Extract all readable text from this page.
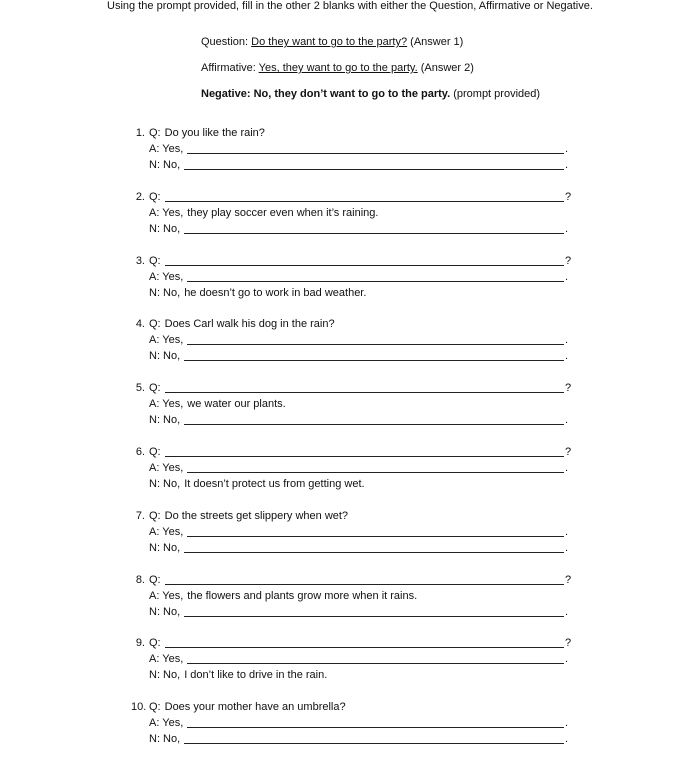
Using the prompt provided, fill in the other 2 blanks with either the Question, Affirmative or Negative.
Question: Do they want to go to the party? (Answer 1)
Affirmative: Yes, they want to go to the party. (Answer 2)
Negative: No, they don’t want to go to the party. (prompt provided)
1. Q: Do you like the rain?
A: Yes,	.
N: No,	.
2. Q:	?
A: Yes, they play soccer even when it’s raining.
N: No,	.
3. Q:	?
A: Yes,	.
N: No, he doesn’t go to work in bad weather.
4. Q: Does Carl walk his dog in the rain?
A: Yes,	.
N: No,	.
5. Q:	?
A: Yes, we water our plants.
N: No,	.
6. Q:	?
A: Yes,	.
N: No, It doesn’t protect us from getting wet.
7. Q: Do the streets get slippery when wet?
A: Yes,	.
N: No,	.
8. Q:	?
A: Yes, the flowers and plants grow more when it rains.
N: No,	.
9. Q:	?
A: Yes,	.
N: No, I don’t like to drive in the rain.
10. Q: Does your mother have an umbrella?
A: Yes,	.
N: No,	.
